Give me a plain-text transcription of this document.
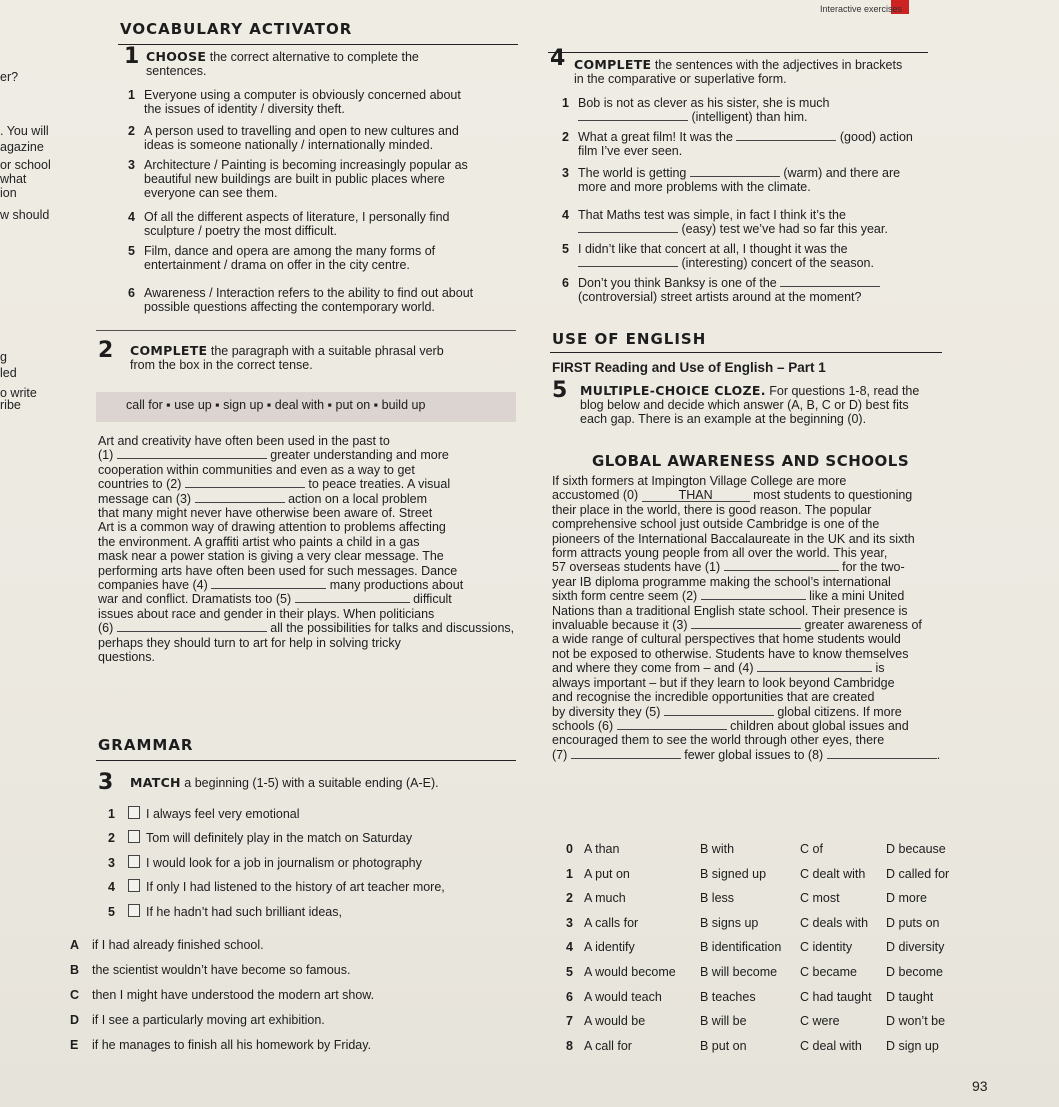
Interactive exercises
er?
. You will
agazine
or school
what
ion
w should
g
led
o write
ribe
VOCABULARY ACTIVATOR
1 CHOOSE the correct alternative to complete the
sentences.
1 Everyone using a computer is obviously concerned about
the issues of identity / diversity theft.
2 A person used to travelling and open to new cultures and
ideas is someone nationally / internationally minded.
3 Architecture / Painting is becoming increasingly popular as
beautiful new buildings are built in public places where
everyone can see them.
4 Of all the different aspects of literature, I personally find
sculpture / poetry the most difficult.
5 Film, dance and opera are among the many forms of
entertainment / drama on offer in the city centre.
6 Awareness / Interaction refers to the ability to find out about
possible questions affecting the contemporary world.
2 COMPLETE the paragraph with a suitable phrasal verb
from the box in the correct tense.
call for ▪ use up ▪ sign up ▪ deal with ▪ put on ▪ build up
Art and creativity have often been used in the past to
(1)	greater understanding and more
cooperation within communities and even as a way to get
countries to (2)	to peace treaties. A visual
message can (3)	action on a local problem
that many might never have otherwise been aware of. Street
Art is a common way of drawing attention to problems affecting
the environment. A graffiti artist who paints a child in a gas
mask near a power station is giving a very clear message. The
performing arts have often been used for such messages. Dance
companies have (4)	many productions about
war and conflict. Dramatists too (5)	difficult
issues about race and gender in their plays. When politicians
(6)	all the possibilities for talks and discussions,
perhaps they should turn to art for help in solving tricky
questions.
GRAMMAR
3 MATCH a beginning (1-5) with a suitable ending (A-E).
1 I always feel very emotional
2 Tom will definitely play in the match on Saturday
3 I would look for a job in journalism or photography
4 If only I had listened to the history of art teacher more,
5 If he hadn’t had such brilliant ideas,
A if I had already finished school.
B the scientist wouldn’t have become so famous.
C then I might have understood the modern art show.
D if I see a particularly moving art exhibition.
E if he manages to finish all his homework by Friday.
4 COMPLETE the sentences with the adjectives in brackets
in the comparative or superlative form.
1 Bob is not as clever as his sister, she is much
(intelligent) than him.
2 What a great film! It was the	(good) action
film I’ve ever seen.
3 The world is getting	(warm) and there are
more and more problems with the climate.
4 That Maths test was simple, in fact I think it’s the
(easy) test we’ve had so far this year.
5 I didn’t like that concert at all, I thought it was the
(interesting) concert of the season.
6 Don’t you think Banksy is one of the
(controversial) street artists around at the moment?
USE OF ENGLISH
FIRST Reading and Use of English – Part 1
5 MULTIPLE-CHOICE CLOZE. For questions 1-8, read the
blog below and decide which answer (A, B, C or D) best fits
each gap. There is an example at the beginning (0).
GLOBAL AWARENESS AND SCHOOLS
If sixth formers at Impington Village College are more
accustomed (0)	THAN	most students to questioning
their place in the world, there is good reason. The popular
comprehensive school just outside Cambridge is one of the
pioneers of the International Baccalaureate in the UK and its sixth
form attracts young people from all over the world. This year,
57 overseas students have (1)	for the two-
year IB diploma programme making the school’s international
sixth form centre seem (2)	like a mini United
Nations than a traditional English state school. Their presence is
invaluable because it (3)	greater awareness of
a wide range of cultural perspectives that home students would
not be exposed to otherwise. Students have to know themselves
and where they come from – and (4)	is
always important – but if they learn to look beyond Cambridge
and recognise the incredible opportunities that are created
by diversity they (5)	global citizens. If more
schools (6)	children about global issues and
encouraged them to see the world through other eyes, there
(7)	fewer global issues to (8)	.
0 A than	B with	C of	D because
1 A put on	B signed up	C dealt with D called for
2 A much	B less	C most	D more
3 A calls for	B signs up	C deals with D puts on
4 A identify	B identification C identity	D diversity
5 A would become B will become C became D become
6 A would teach	B teaches	C had taught D taught
7 A would be	B will be	C were	D won’t be
8 A call for	B put on	C deal with D sign up
93
